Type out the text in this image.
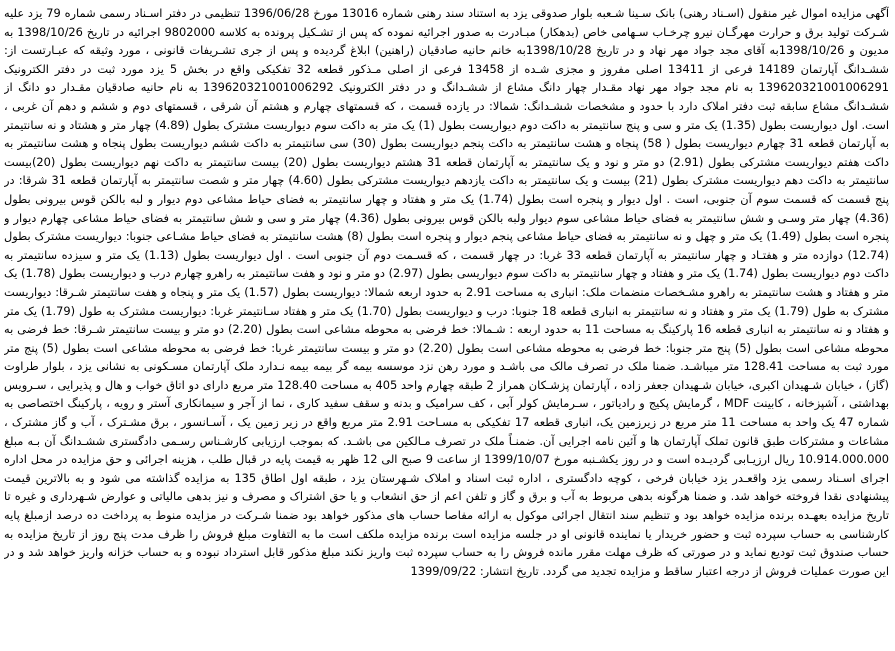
آگهی مزایده اموال غیر منقول (اسـناد رهنی) بانک سـینا شـعبه بلوار صدوقی یزد به استناد سند رهنی شماره 13016 مورخ 1396/06/28 تنظیمی در دفتر اسـناد رسمی شماره 79 یزد علیه شـرکت تولید برق و حرارت مهرگـان نیرو چرخـاب سـهامی خاص (بدهکار) مبـادرت به صدور اجرائیه نموده که پس از تشـکیل پرونده به کلاسه 9802000 اجرائیه در تاریخ 1398/10/26 به مدیون و 1398/10/26به آقای مجد جواد مهر نهاد و در تاریخ 1398/10/28به خانم حانیه صادقیان (راهنین) ابلاغ گردیده و پس از جری تشـریفات قانونی ، مورد وثیقه که عبـارتست از: ششـدانگ آپارتمان 14189 فرعی از 13411 اصلی مفروز و مجزی شـده از 13458 فرعی از اصلی مـذکور قطعه 32 تفکیکی واقع در بخش 5 یزد مورد ثبت در دفتر الکترونیک 139620321001006291 به نام مجد جواد مهر نهاد مقـدار چهار دانگ مشاع از ششـدانگ و در دفتر الکترونیک 139620321001006292 به نام حانیه صادقیان مقـدار دو دانگ از ششـدانگ مشاع سابقه ثبت دفتر املاک دارد با حدود و مشخصات ششـدانگ: شمالا: در یازده قسمت ، که قسمتهای چهارم و هشتم آن شرقی ، قسمتهای دوم و ششم و دهم آن غربی ، است. اول دیواریست بطول (1.35) یک متر و سی و پنج سانتیمتر به داکت دوم دیواریست بطول (1) یک متر به داکت سوم دیواریست مشترک بطول (4.89) چهار متر و هشتاد و نه سانتیمتر به آپارتمان قطعه 31 چهارم دیواریست بطول ( 58) پنجاه و هشت سانتیمتر به داکت پنجم دیواریست بطول (30) سی سانتیمتر به داکت ششم دیواریست بطول پنجاه و هشت سانتیمتر به داکت هفتم دیواریست مشترکی بطول (2.91) دو متر و نود و یک سانتیمتر به آپارتمان قطعه 31 هشتم دیواریست بطول (20) بیست سانتیمتر به داکت نهم دیواریست بطول (20)بیست سانتیمتر به داکت دهم دیواریست مشترک بطول (21) بیست و یک سانتیمتر به داکت یازدهم دیواریست مشترکی بطول (4.60) چهار متر و شصت سانتیمتر به آپارتمان قطعه 31 شرقا: در پنج قسمت که قسمت سوم آن جنوبی، است . اول دیوار و پنجره است بطول (1.74) یک متر و هفتاد و چهار سانتیمتر به فضای حیاط مشاعی دوم دیوار و لبه بالکن قوس بیرونی بطول (4.36) چهار متر وسـی و شش سانتیمتر به فضای حیاط مشاعی سوم دیوار ولبه بالکن قوس بیرونی بطول (4.36) چهار متر و سی و شش سانتیمتر به فضای حیاط مشاعی چهارم دیوار و پنجره است بطول (1.49) یک متر و چهل و نه سانتیمتر به فضای حیاط مشاعی پنجم دیوار و پنجره است بطول (8) هشت سانتیمتر به فضای حیاط مشـاعی جنوبا: دیواریست مشترک بطول (12.74) دوازده متر و هفتـاد و چهار سانتیمتر به آپارتمان قطعه 33 غربا: در چهار قسمت ، که قسـمت دوم آن جنوبی است . اول دیواریست بطول (1.13) یک متر و سیزده سانتیمتر به داکت دوم دیواریست بطول (1.74) یک متر و هفتاد و چهار سانتیمتر به داکت سوم دیواریسی بطول (2.97) دو متر و نود و هفت سانتیمتر به راهرو چهارم درب و دیواریست بطول (1.78) یک متر و هفتاد و هشت سانتیمتر به راهرو مشـخصات منضمات ملک: انباری به مساحت 2.91 به حدود اربعه شمالا: دیواریست بطول (1.57) یک متر و پنجاه و هفت سانتیمتر شـرقا: دیواریست مشترک به طول (1.79) یک متر و هفتاد و نه سانتیمتر به انباری قطعه 18 جنوبا: درب و دیواریست بطول (1.70) یک متر و هفتاد سـانتیمتر غربا: دیواریست مشترک به طول (1.79) یک متر و هفتاد و نه سانتیمتر به انباری قطعه 16 پارکینگ به مساحت 11 به حدود اربعه : شـمالا: خط فرضی به محوطه مشاعی است بطول (2.20) دو متر و بیست سانتیمتر شـرقا: خط فرضی به محوطه مشاعی است بطول (5) پنج متر جنوبا: خط فرضی به محوطه مشاعی است بطول (2.20) دو متر و بیست سانتیمتر غربا: خط فرضی به محوطه مشاعی است بطول (5) پنج متر مورد ثبت به مساحت 128.41 متر میباشـد. ضمنا ملک در تصرف مالک می باشـد و مورد رهن نزد موسسه بیمه گر بیمه بیمه نـدارد ملک آپارتمان مسـکونی به نشانی یزد ، بلوار طراوت (گاز) ، خیابان شـهیدان اکبری، خیابان شـهیدان جعفر زاده ، آپارتمان پزشـکان همراز 2 طبقه چهارم واحد 405 به مساحت 128.40 متر مربع دارای دو اتاق خواب و هال و پذیرایی ، سـرویس بهداشتی ، آشپزخانه ، کابینت MDF ، گرمایش پکیج و رادیاتور ، سـرمایش کولر آبی ، کف سرامیک و بدنه و سقف سفید کاری ، نما از آجر و سیمانکاری آستر و رویه ، پارکینگ اختصاصی به شماره 47 یک واحد به مساحت 11 متر مربع در زیرزمین یک، انباری قطعه 17 تفکیکی به مسـاحت 2.91 متر مربع واقع در زیر زمین یک ، آسـانسور ، برق مشـترک ، آب و گاز مشترک ، مشاعات و مشترکات طبق قانون تملک آپارتمان ها و آئین نامه اجرایی آن. ضمنـاً ملک در تصرف مـالکین می باشـد. که بموجب ارزیابی کارشـناس رسـمی دادگستری ششـدانگ آن بـه مبلغ 10.914.000.000 ریال ارزیـابی گردیـده است و در روز یکشـنبه مورخ 1399/10/07 از ساعت 9 صبح الی 12 ظهر به قیمت پایه در قبال طلب ، هزینه اجرائی و حق مزایده در محل اداره اجرای اسـناد رسمی یزد واقعـدر یزد خیابان فرخی ، کوچه دادگستری ، اداره ثبت اسناد و املاک شـهرستان یزد ، طبقه اول اطاق 135 به مزایده گذاشته می شود و به بالاترین قیمت پیشنهادی نقدا فروخته خواهد شد. و ضمنا هرگونه بدهی مربوط به آب و برق و گاز و تلفن اعم از حق انشعاب و یا حق اشتراک و مصرف و نیز بدهی مالیاتی و عوارض شـهرداری و غیره تا تاریخ مزایده بعهـده برنده مزایده خواهد بود و تنظیم سند انتقال اجرائی موکول به ارائه مفاصا حساب های مذکور خواهد بود ضمنا شـرکت در مزایده منوط به پرداخت ده درصد ازمبلغ پایه کارشناسی به حساب سپرده ثبت و حضور خریدار یا نماینده قانونی او در جلسه مزایده است برنده مزایده ملکف است ما به التفاوت مبلغ فروش را ظرف مدت پنج روز از تاریخ مزایده به حساب صندوق ثبت تودیع نماید و در صورتی که ظرف مهلت مقرر مانده فروش را به حساب سپرده ثبت واریز نکند مبلغ مذکور قابل استرداد نبوده و به حساب خزانه واریز خواهد شد و در این صورت عملیات فروش از درجه اعتبار ساقط و مزایده تجدید می گردد. تاریخ انتشار: 1399/09/22
